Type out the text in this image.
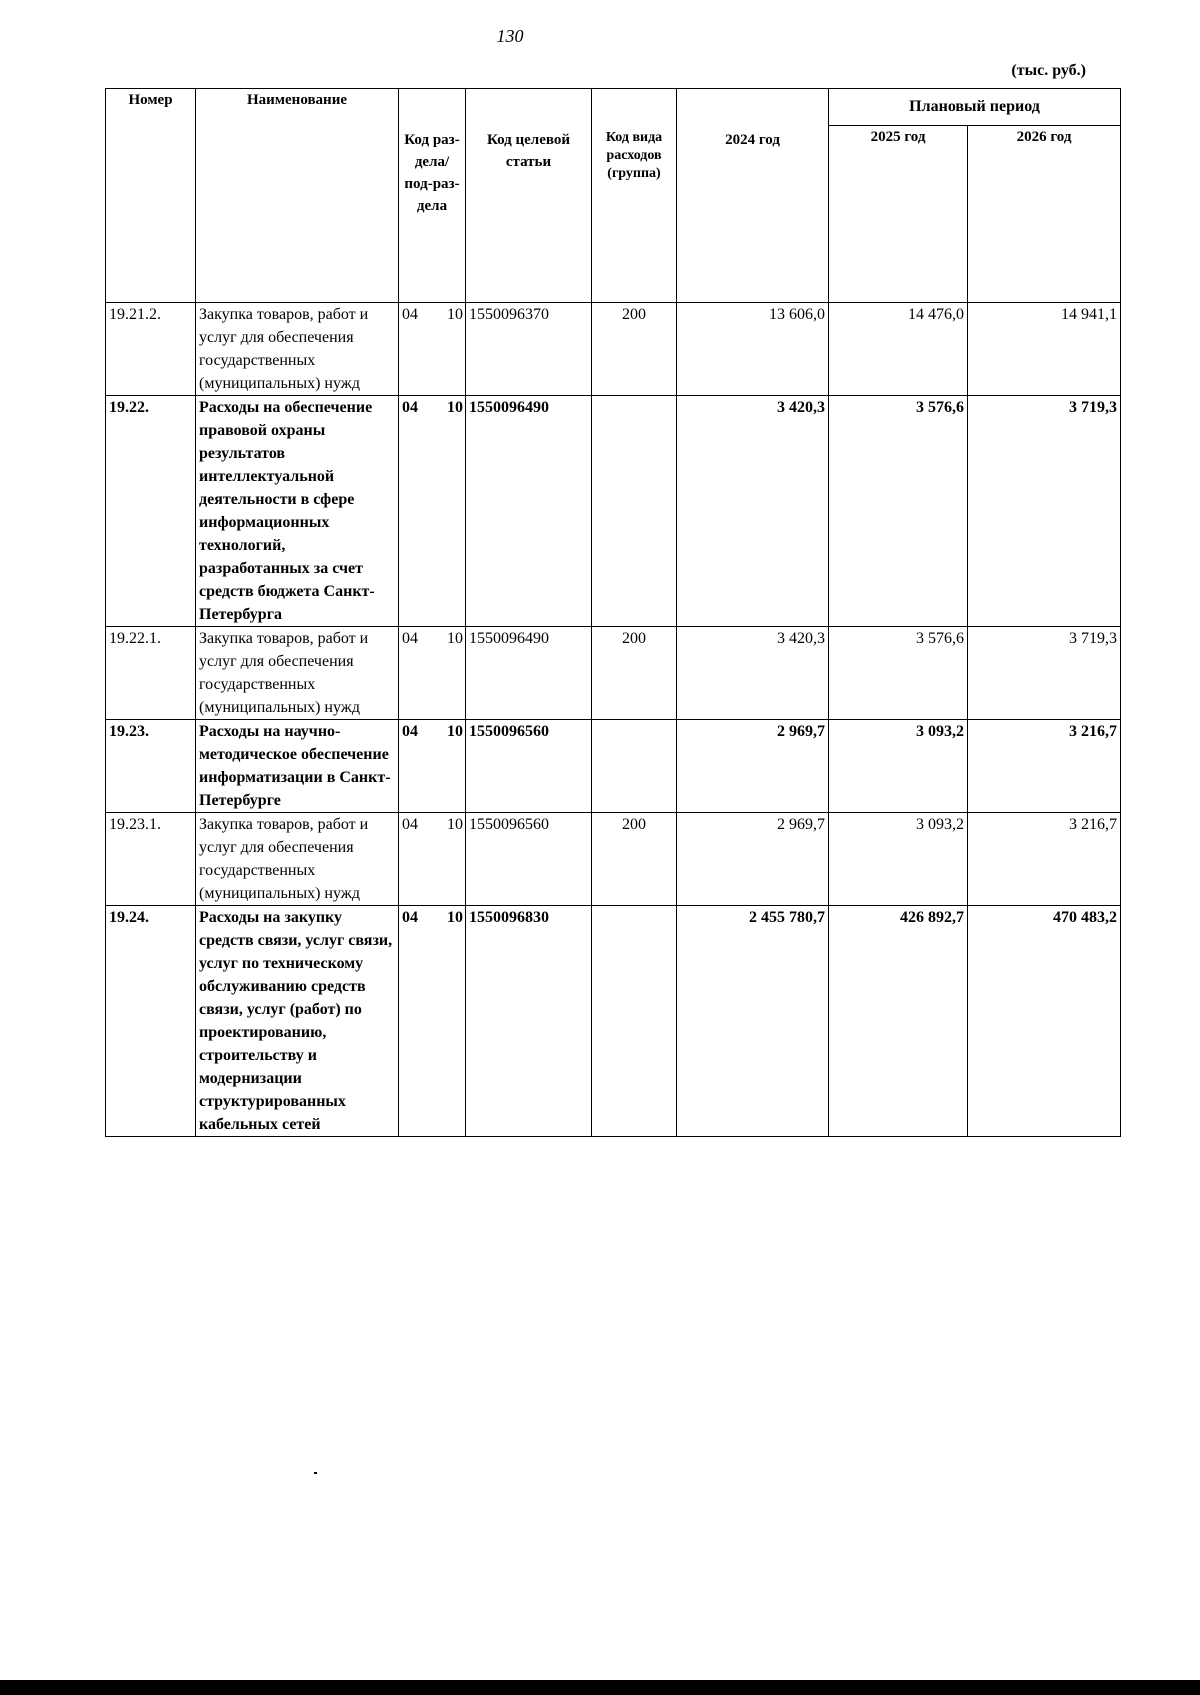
130
(тыс. руб.)
Номер	Наименование	Код раз-дела/ под-раз-дела	Код целевой статьи	Код вида расходов (группа)	2024 год	Плановый период	
						2025 год	2026 год
19.21.2.	Закупка товаров, работ и услуг для обеспечения государственных (муниципальных) нужд	04 10	1550096370	200	13 606,0	14 476,0	14 941,1
19.22.	Расходы на обеспечение правовой охраны результатов интеллектуальной деятельности в сфере информационных технологий, разработанных за счет средств бюджета Санкт-Петербурга	04 10	1550096490		3 420,3	3 576,6	3 719,3
19.22.1.	Закупка товаров, работ и услуг для обеспечения государственных (муниципальных) нужд	04 10	1550096490	200	3 420,3	3 576,6	3 719,3
19.23.	Расходы на научно-методическое обеспечение информатизации в Санкт-Петербурге	04 10	1550096560		2 969,7	3 093,2	3 216,7
19.23.1.	Закупка товаров, работ и услуг для обеспечения государственных (муниципальных) нужд	04 10	1550096560	200	2 969,7	3 093,2	3 216,7
19.24.	Расходы на закупку средств связи, услуг связи, услуг по техническому обслуживанию средств связи, услуг (работ) по проектированию, строительству и модернизации структурированных кабельных сетей	04 10	1550096830		2 455 780,7	426 892,7	470 483,2
